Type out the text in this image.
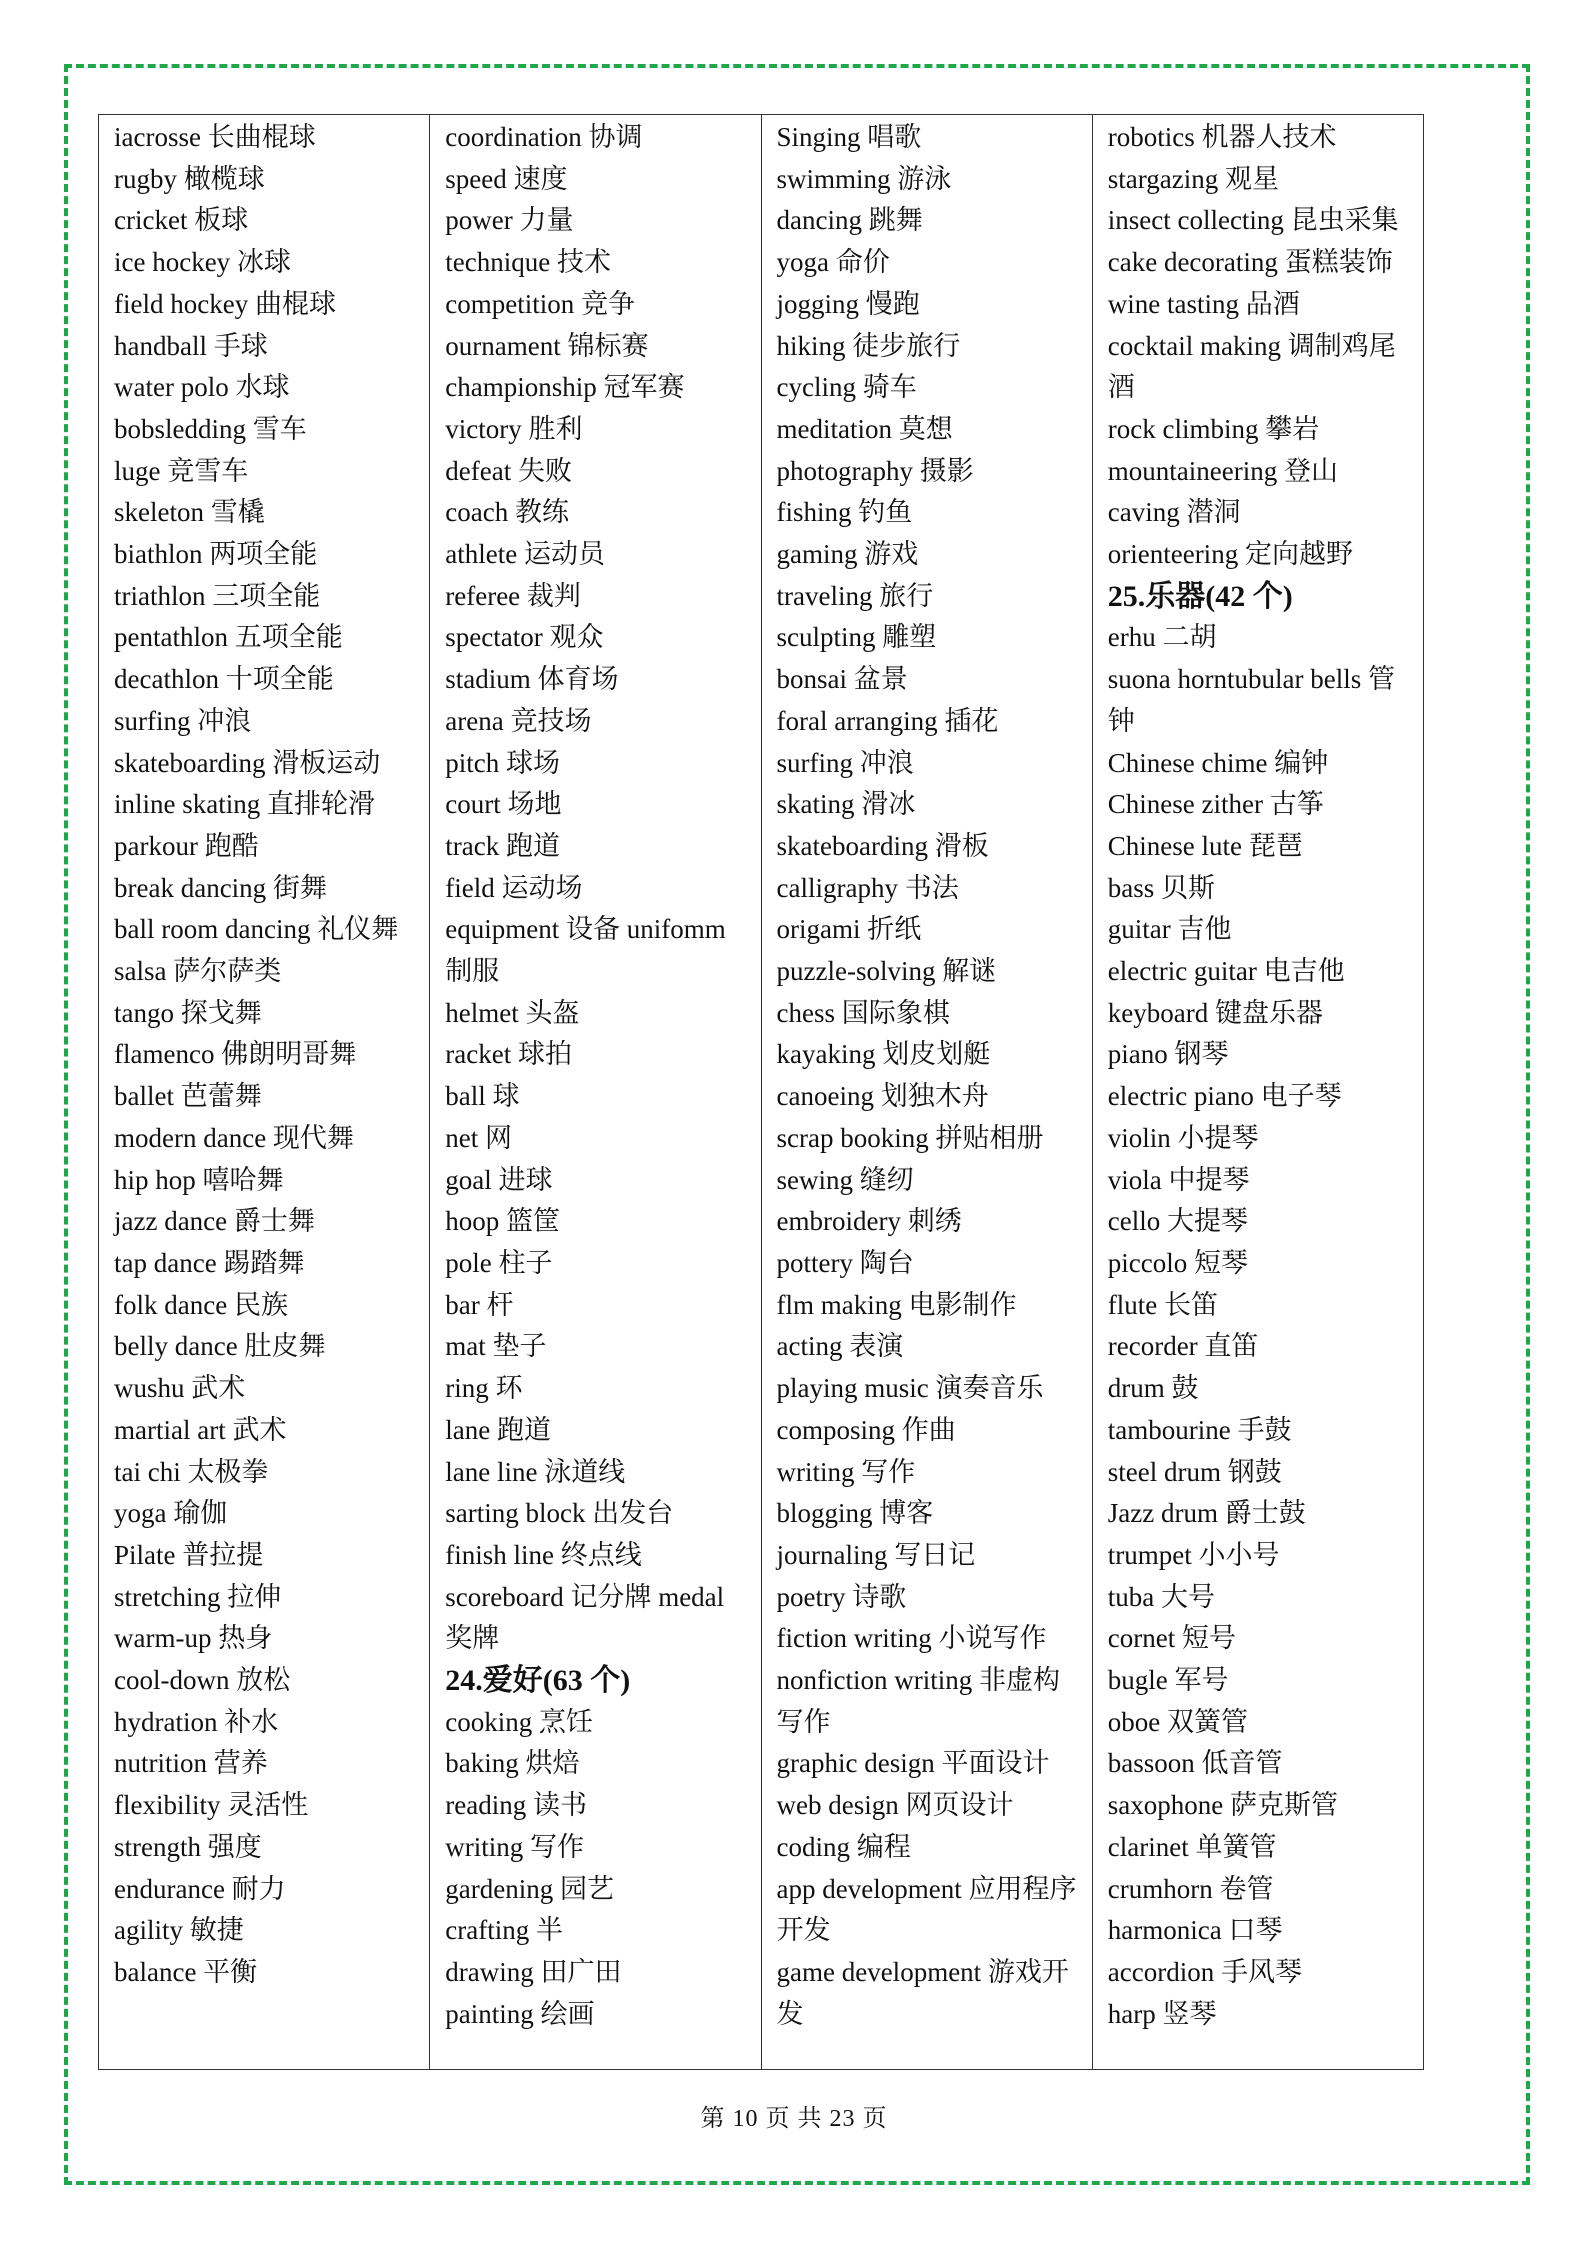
iacrosse 长曲棍球
rugby 橄榄球
cricket 板球
ice hockey 冰球
field hockey 曲棍球
handball 手球
water polo 水球
bobsledding 雪车
luge 竞雪车
skeleton 雪橇
biathlon 两项全能
triathlon 三项全能
pentathlon 五项全能
decathlon 十项全能
surfing 冲浪
skateboarding 滑板运动
inline skating 直排轮滑
parkour 跑酷
break dancing 街舞
ball room dancing 礼仪舞
salsa 萨尔萨类
tango 探戈舞
flamenco 佛朗明哥舞
ballet 芭蕾舞
modern dance 现代舞
hip hop 嘻哈舞
jazz dance 爵士舞
tap dance 踢踏舞
folk dance 民族
belly dance 肚皮舞
wushu 武术
martial art 武术
tai chi 太极拳
yoga 瑜伽
Pilate 普拉提
stretching 拉伸
warm-up 热身
cool-down 放松
hydration 补水
nutrition 营养
flexibility 灵活性
strength 强度
endurance 耐力
agility 敏捷
balance 平衡
coordination 协调
speed 速度
power 力量
technique 技术
competition 竞争
ournament 锦标赛
championship 冠军赛
victory 胜利
defeat 失败
coach 教练
athlete 运动员
referee 裁判
spectator 观众
stadium 体育场
arena 竞技场
pitch 球场
court 场地
track 跑道
field 运动场
equipment 设备 unifomm 制服
helmet 头盔
racket 球拍
ball 球
net 网
goal 进球
hoop 篮筐
pole 柱子
bar 杆
mat 垫子
ring 环
lane 跑道
lane line 泳道线
sarting block 出发台
finish line 终点线
scoreboard 记分牌 medal 奖牌
24.爱好(63 个)
cooking 烹饪
baking 烘焙
reading 读书
writing 写作
gardening 园艺
crafting 半
drawing 田广田
painting 绘画
Singing 唱歌
swimming 游泳
dancing 跳舞
yoga 命价
jogging 慢跑
hiking 徒步旅行
cycling 骑车
meditation 莫想
photography 摄影
fishing 钓鱼
gaming 游戏
traveling 旅行
sculpting 雕塑
bonsai 盆景
foral arranging 插花
surfing 冲浪
skating 滑冰
skateboarding 滑板
calligraphy 书法
origami 折纸
puzzle-solving 解谜
chess 国际象棋
kayaking 划皮划艇
canoeing 划独木舟
scrap booking 拼贴相册
sewing 缝纫
embroidery 刺绣
pottery 陶台
flm making 电影制作
acting 表演
playing music 演奏音乐
composing 作曲
writing 写作
blogging 博客
journaling 写日记
poetry 诗歌
fiction writing 小说写作
nonfiction writing 非虚构写作
graphic design 平面设计
web design 网页设计
coding 编程
app development 应用程序开发
game development 游戏开发
robotics 机器人技术
stargazing 观星
insect collecting 昆虫采集
cake decorating 蛋糕装饰
wine tasting 品酒
cocktail making 调制鸡尾酒
rock climbing 攀岩
mountaineering 登山
caving 潜洞
orienteering 定向越野
25.乐器(42 个)
erhu 二胡
suona horntubular bells 管钟
Chinese chime 编钟
Chinese zither 古筝
Chinese lute 琵琶
bass 贝斯
guitar 吉他
electric guitar 电吉他
keyboard 键盘乐器
piano 钢琴
electric piano 电子琴
violin 小提琴
viola 中提琴
cello 大提琴
piccolo 短琴
flute 长笛
recorder 直笛
drum 鼓
tambourine 手鼓
steel drum 钢鼓
Jazz drum 爵士鼓
trumpet 小小号
tuba 大号
cornet 短号
bugle 军号
oboe 双簧管
bassoon 低音管
saxophone 萨克斯管
clarinet 单簧管
crumhorn 卷管
harmonica 口琴
accordion 手风琴
harp 竖琴
第 10 页 共 23 页
